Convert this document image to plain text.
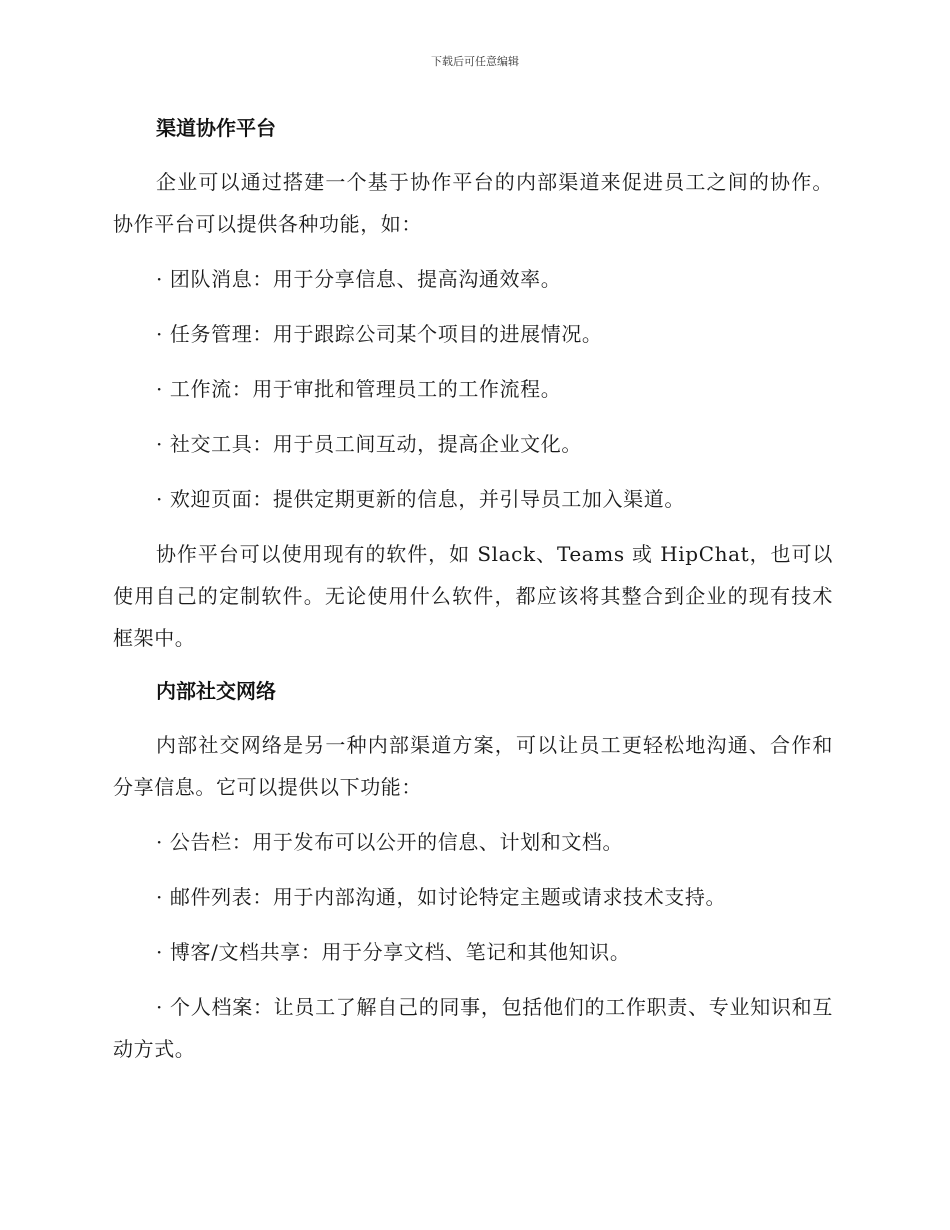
下载后可任意编辑
渠道协作平台

企业可以通过搭建一个基于协作平台的内部渠道来促进员工之间的协作。协作平台可以提供各种功能，如：

· 团队消息：用于分享信息、提高沟通效率。

· 任务管理：用于跟踪公司某个项目的进展情况。

· 工作流：用于审批和管理员工的工作流程。

· 社交工具：用于员工间互动，提高企业文化。

· 欢迎页面：提供定期更新的信息，并引导员工加入渠道。

协作平台可以使用现有的软件，如 Slack、Teams 或 HipChat，也可以使用自己的定制软件。无论使用什么软件，都应该将其整合到企业的现有技术框架中。

内部社交网络

内部社交网络是另一种内部渠道方案，可以让员工更轻松地沟通、合作和分享信息。它可以提供以下功能：

· 公告栏：用于发布可以公开的信息、计划和文档。

· 邮件列表：用于内部沟通，如讨论特定主题或请求技术支持。

· 博客/文档共享：用于分享文档、笔记和其他知识。

· 个人档案：让员工了解自己的同事，包括他们的工作职责、专业知识和互动方式。
